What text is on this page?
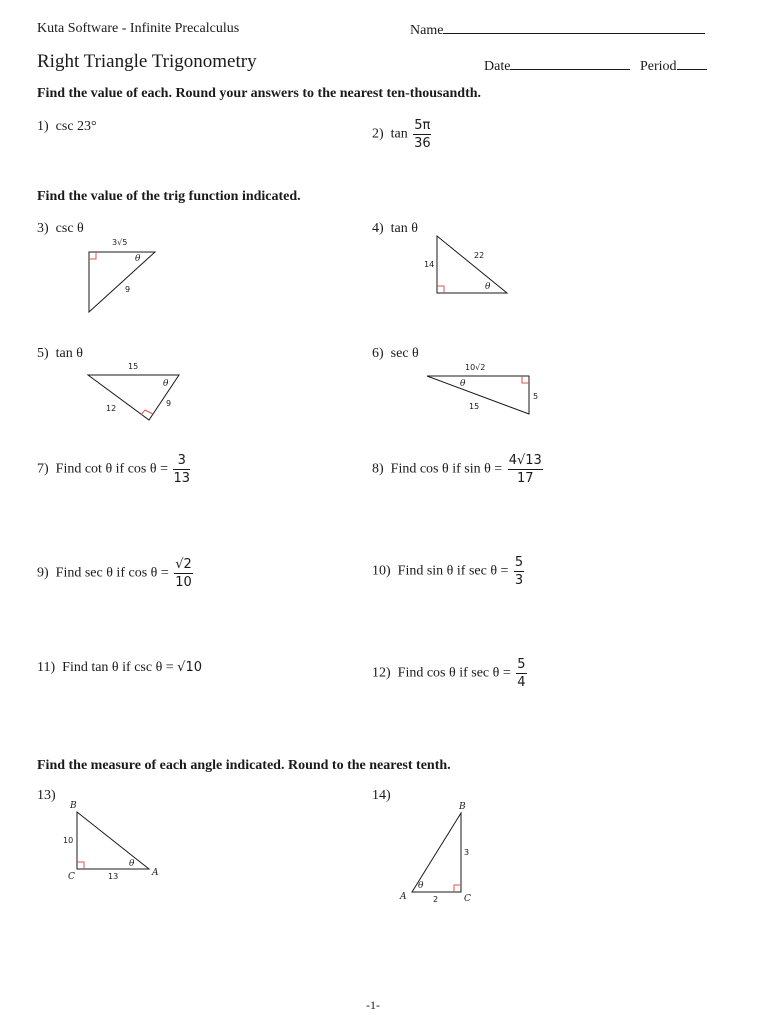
Kuta Software - Infinite Precalculus	Name
Right Triangle Trigonometry	Date	Period
Find the value of each. Round your answers to the nearest ten-thousandth.
1) csc 23°
2) $\tan \frac{5\pi}{36}$
Find the value of the trig function indicated.
3) csc θ
3√5
9
θ
4) tan θ
14
22
θ
5) tan θ
15
12
9
θ
6) sec θ
10√2
15
5
θ
7) Find cot θ if $\cos \theta = \frac{3}{13}$	8) Find cos θ if $\sin \theta = \frac{4√13}{17}$
9) Find sec θ if $\cos \theta = \frac{√2}{10}$	10) Find sin θ if $\sec \theta = \frac{5}{3}$
11) Find tan θ if csc θ = √10	12) Find cos θ if $\sec \theta = \frac{5}{4}$
Find the measure of each angle indicated. Round to the nearest tenth.
13)
B
C	A
10
13
θ
14)
B
C
A
3
2
θ
-1-
